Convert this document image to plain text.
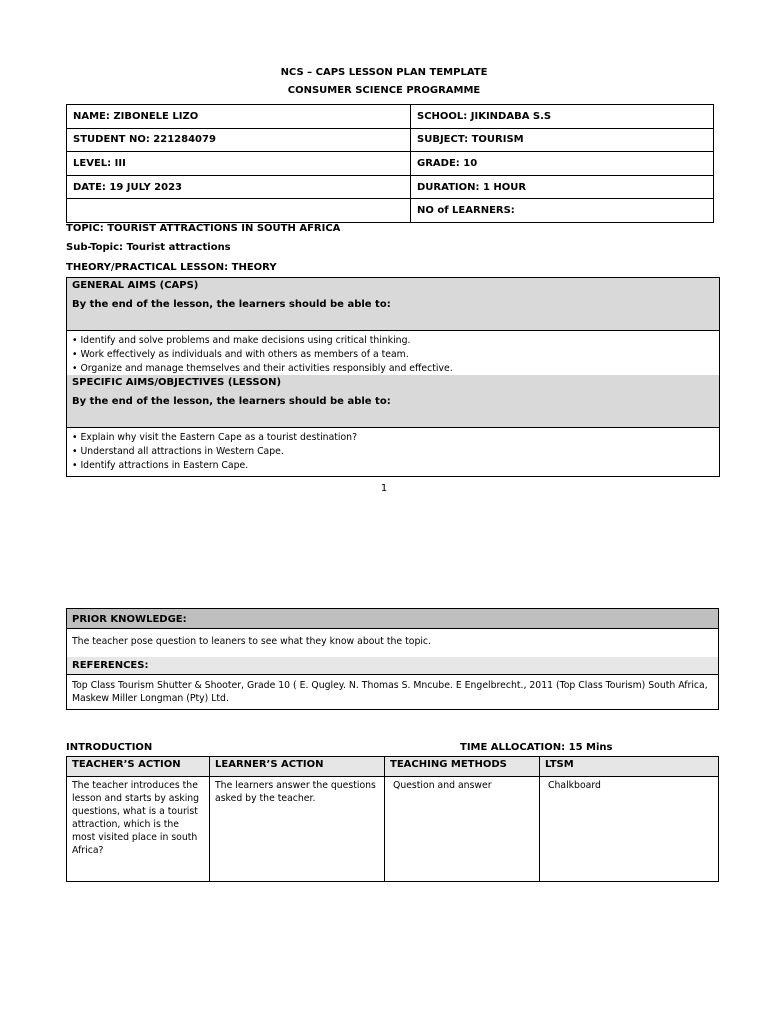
NCS – CAPS LESSON PLAN TEMPLATE
CONSUMER SCIENCE PROGRAMME
NAME: ZIBONELE LIZO	SCHOOL: JIKINDABA S.S
STUDENT NO: 221284079	SUBJECT: TOURISM
LEVEL: III	GRADE: 10
DATE: 19 JULY 2023	DURATION: 1 HOUR
	NO of LEARNERS:
TOPIC: TOURIST ATTRACTIONS IN SOUTH AFRICA
Sub-Topic: Tourist attractions
THEORY/PRACTICAL LESSON: THEORY
GENERAL AIMS (CAPS)
By the end of the lesson, the learners should be able to:
• Identify and solve problems and make decisions using critical thinking.
• Work effectively as individuals and with others as members of a team.
• Organize and manage themselves and their activities responsibly and effective.
SPECIFIC AIMS/OBJECTIVES (LESSON)
By the end of the lesson, the learners should be able to:
• Explain why visit the Eastern Cape as a tourist destination?
• Understand all attractions in Western Cape.
• Identify attractions in Eastern Cape.
1
PRIOR KNOWLEDGE:
The teacher pose question to leaners to see what they know about the topic.
REFERENCES:
Top Class Tourism Shutter & Shooter, Grade 10 ( E. Qugley. N. Thomas S. Mncube. E Engelbrecht., 2011 (Top Class Tourism) South Africa, Maskew Miller Longman (Pty) Ltd.
INTRODUCTION	TIME ALLOCATION: 15 Mins
TEACHER’S ACTION	LEARNER’S ACTION	TEACHING METHODS	LTSM
The teacher introduces the lesson and starts by asking questions, what is a tourist attraction, which is the most visited place in south Africa?	The learners answer the questions asked by the teacher.	Question and answer	Chalkboard
